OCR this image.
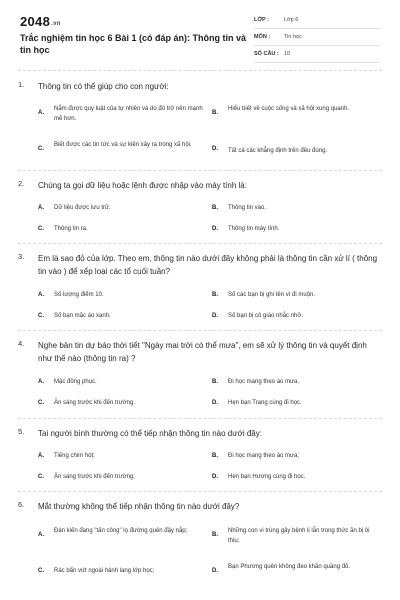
2048.vn
Trắc nghiệm tin học 6 Bài 1 (có đáp án): Thông tin và tin học
LỚP :	Lớp 6
MÔN :	Tin học
SỐ CÂU : 10
1. Thông tin có thể giúp cho con người:
A.
Nắm được quy luật của tự nhiên và do đó trở nên mạnh mẽ hơn.
B.
Hiểu biết về cuộc sống và xã hội xung quanh.
C.
Biết được các tin tức và sự kiện xảy ra trong xã hội.
D. Tất cả các khẳng định trên đều đúng.
2. Chúng ta gọi dữ liệu hoặc lệnh được nhập vào máy tính là:
A. Dữ liệu được lưu trữ.	B. Thông tin vào.
C. Thông tin ra.	D. Thông tin máy tính.
3. Em là sao đỏ của lớp. Theo em, thông tin nào dưới đây không phải là thông tin cần xử lí ( thông tin vào ) để xếp loại các tổ cuối tuần?
A. Số lượng điểm 10.	B. Số các bạn bị ghi tên vì đi muộn.
C. Số bạn mặc áo xanh.	D. Số bạn bị cô giáo nhắc nhở.
4. Nghe bản tin dự báo thời tiết "Ngày mai trời có thể mưa", em sẽ xử lý thông tin và quyết định như thế nào (thông tin ra) ?
A. Mặc đồng phục.	B. Đi học mang theo áo mưa.
C. Ăn sáng trước khi đến trường.	D. Hẹn bạn Trang cùng đi học.
5. Tai người bình thường có thể tiếp nhận thông tin nào dưới đây:
A. Tiếng chim hót;	B. Đi học mang theo áo mưa;
C. Ăn sáng trước khi đến trường;	D. Hẹn bạn Hương cùng đi học.
6. Mắt thường không thể tiếp nhận thông tin nào dưới đây?
A.
Đàn kiến đang "tấn công" lọ đường quên đậy nắp;
B.
Những con vi trùng gây bệnh lị lẫn trong thức ăn bị ôi thiu;
C. Rác bẩn vứt ngoài hành lang lớp học;	D.
Bạn Phương quên không đeo khăn quàng đỏ.
